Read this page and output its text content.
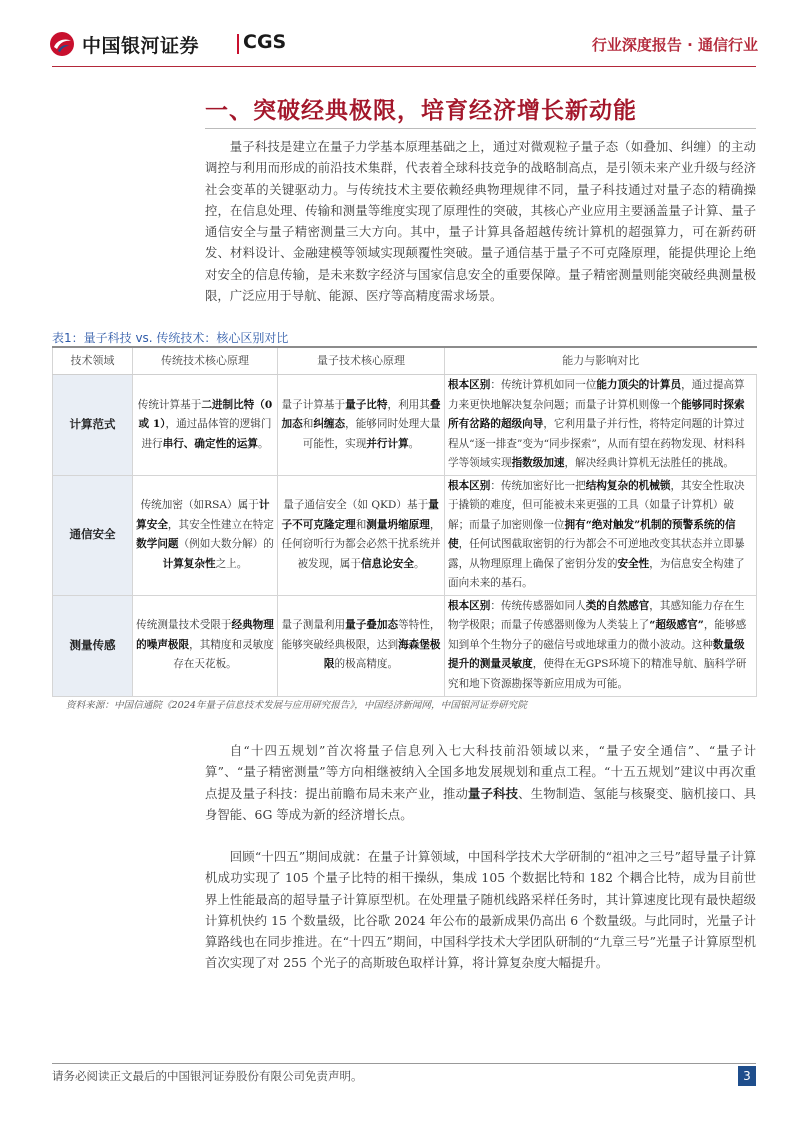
中国银河证券 CGS	行业深度报告 · 通信行业
一、突破经典极限，培育经济增长新动能

量子科技是建立在量子力学基本原理基础之上，通过对微观粒子量子态（如叠加、纠缠）的主动调控与利用而形成的前沿技术集群，代表着全球科技竞争的战略制高点，是引领未来产业升级与经济社会变革的关键驱动力。与传统技术主要依赖经典物理规律不同，量子科技通过对量子态的精确操控，在信息处理、传输和测量等维度实现了原理性的突破，其核心产业应用主要涵盖量子计算、量子通信安全与量子精密测量三大方向。其中，量子计算具备超越传统计算机的超强算力，可在新药研发、材料设计、金融建模等领域实现颠覆性突破。量子通信基于量子不可克隆原理，能提供理论上绝对安全的信息传输，是未来数字经济与国家信息安全的重要保障。量子精密测量则能突破经典测量极限，广泛应用于导航、能源、医疗等高精度需求场景。

表1：量子科技 vs. 传统技术：核心区别对比
技术领域	传统技术核心原理	量子技术核心原理	能力与影响对比
计算范式	传统计算基于二进制比特（0或 1），通过晶体管的逻辑门进行串行、确定性的运算。	量子计算基于量子比特，利用其叠加态和纠缠态，能够同时处理大量可能性，实现并行计算。	根本区别：传统计算机如同一位能力顶尖的计算员，通过提高算力来更快地解决复杂问题；而量子计算机则像一个能够同时探索所有岔路的超级向导，它利用量子并行性，将特定问题的计算过程从“逐一排查”变为“同步探索”，从而有望在药物发现、材料科学等领域实现指数级加速，解决经典计算机无法胜任的挑战。
通信安全	传统加密（如RSA）属于计算安全，其安全性建立在特定数学问题（例如大数分解）的计算复杂性之上。	量子通信安全（如 QKD）基于量子不可克隆定理和测量坍缩原理，任何窃听行为都会必然干扰系统并被发现，属于信息论安全。	根本区别：传统加密好比一把结构复杂的机械锁，其安全性取决于撬锁的难度，但可能被未来更强的工具（如量子计算机）破解；而量子加密则像一位拥有“绝对触发”机制的预警系统的信使，任何试图截取密钥的行为都会不可逆地改变其状态并立即暴露，从物理原理上确保了密钥分发的安全性，为信息安全构建了面向未来的基石。
测量传感	传统测量技术受限于经典物理的噪声极限，其精度和灵敏度存在天花板。	量子测量利用量子叠加态等特性，能够突破经典极限，达到海森堡极限的极高精度。	根本区别：传统传感器如同人类的自然感官，其感知能力存在生物学极限；而量子传感器则像为人类装上了“超级感官”，能够感知到单个生物分子的磁信号或地球重力的微小波动。这种数量级提升的测量灵敏度，使得在无GPS环境下的精准导航、脑科学研究和地下资源勘探等新应用成为可能。
资料来源：中国信通院《2024年量子信息技术发展与应用研究报告》，中国经济新闻网，中国银河证券研究院

自“十四五规划”首次将量子信息列入七大科技前沿领域以来，“量子安全通信”、“量子计算”、“量子精密测量”等方向相继被纳入全国多地发展规划和重点工程。“十五五规划”建议中再次重点提及量子科技：提出前瞻布局未来产业，推动量子科技、生物制造、氢能与核聚变、脑机接口、具身智能、6G 等成为新的经济增长点。

回顾“十四五”期间成就：在量子计算领域，中国科学技术大学研制的“祖冲之三号”超导量子计算机成功实现了 105 个量子比特的相干操纵，集成 105 个数据比特和 182 个耦合比特，成为目前世界上性能最高的超导量子计算原型机。在处理量子随机线路采样任务时，其计算速度比现有最快超级计算机快约 15 个数量级，比谷歌 2024 年公布的最新成果仍高出 6 个数量级。与此同时，光量子计算路线也在同步推进。在“十四五”期间，中国科学技术大学团队研制的“九章三号”光量子计算原型机首次实现了对 255 个光子的高斯玻色取样计算，将计算复杂度大幅提升。

请务必阅读正文最后的中国银河证券股份有限公司免责声明。	3
